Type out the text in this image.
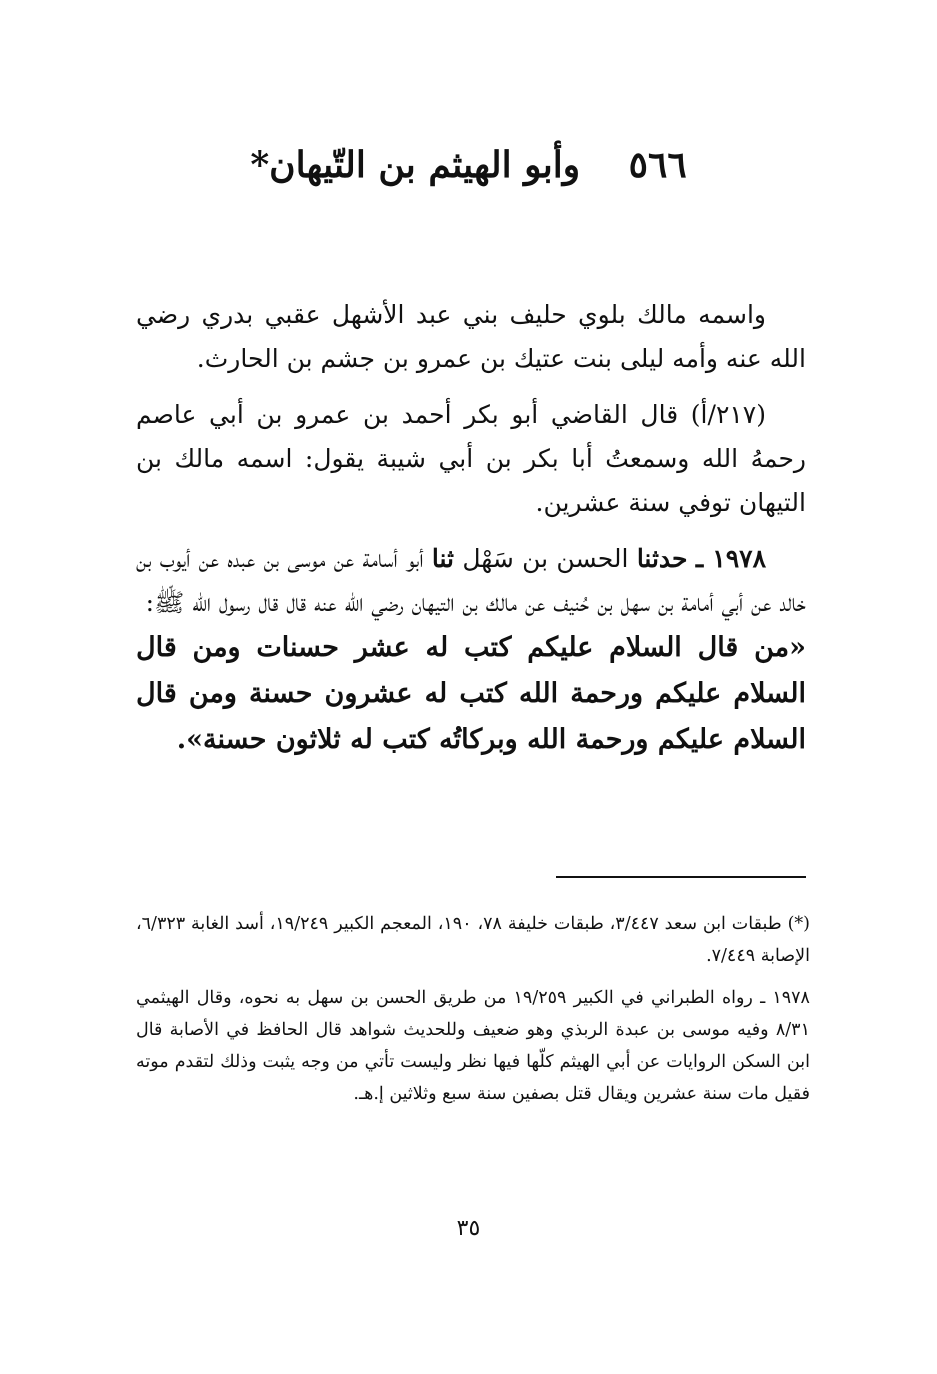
٥٦٦ وأبو الهيثم بن التّيهان*

واسمه مالك بلوي حليف بني عبد الأشهل عقبي بدري رضي الله عنه وأمه ليلى بنت عتيك بن عمرو بن جشم بن الحارث.

(٢١٧/أ) قال القاضي أبو بكر أحمد بن عمرو بن أبي عاصم رحمهُ الله وسمعتُ أبا بكر بن أبي شيبة يقول: اسمه مالك بن التيهان توفي سنة عشرين.

١٩٧٨ ـ حدثنا الحسن بن سَهْل ثنا أبو أسامة عن موسى بن عبده عن أيوب بن خالد عن أبي أمامة بن سهل بن حُنيف عن مالك بن التيهان رضي الله عنه قال قال رسول الله ﷺ:

«من قال السلام عليكم كتب له عشر حسنات ومن قال السلام عليكم ورحمة الله كتب له عشرون حسنة ومن قال السلام عليكم ورحمة الله وبركاتُه كتب له ثلاثون حسنة».

(*) طبقات ابن سعد ٣/٤٤٧، طبقات خليفة ٧٨، ١٩٠، المعجم الكبير ١٩/٢٤٩، أسد الغابة ٦/٣٢٣، الإصابة ٧/٤٤٩.

١٩٧٨ ـ رواه الطبراني في الكبير ١٩/٢٥٩ من طريق الحسن بن سهل به نحوه، وقال الهيثمي ٨/٣١ وفيه موسى بن عبدة الربذي وهو ضعيف وللحديث شواهد قال الحافظ في الأصابة قال ابن السكن الروايات عن أبي الهيثم كلّها فيها نظر وليست تأتي من وجه يثبت وذلك لتقدم موته فقيل مات سنة عشرين ويقال قتل بصفين سنة سبع وثلاثين إ.هـ.

٣٥
